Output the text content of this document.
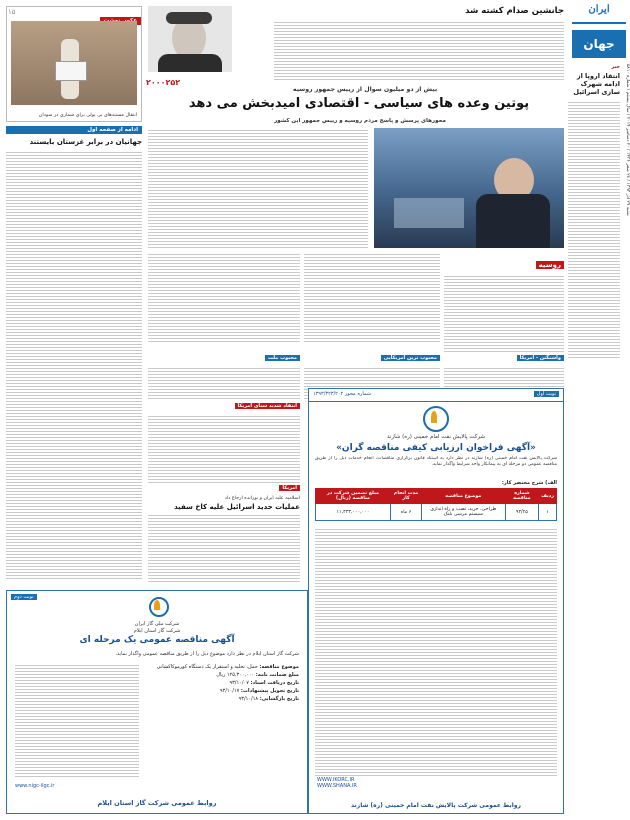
ایران
جهان
شنبه ۲۹ آذر ۱۳۹۳ / ۲۸ صفر ۱۴۳۶ / ۲۰ دسامبر ۲۰۱۴ / سال بیستم / شماره ۵۸۱۰
خبر
انتقاد اروپا از ادامه شهرک سازی اسرائیل
۱۵	جانشین صدام کشته شد
۲۰۰۰۲۵۲
بیش از دو میلیون سوال از رییس جمهور روسیه
پوتین وعده های سیاسی - اقتصادی امیدبخش می دهد
محورهای پرسش و پاسخ مردم روسیه و رییس جمهور این کشور
روسیه
واشنگتن - آمریکا
محبوب ترین آمریکایی
محبوب ملت
انتقاد شدید سنای آمریکا
آمریکا
اسلامیه علیه ایران و نوزانده ارجاع داد
عملیات جدید اسرائیل علیه کاخ سفید
انتقال مستندهای بی پولی برای شماری در سودان
ادامه از صفحه اول
جهانیان در برابر غزستان بایستند
شماره مجوز ۱۳۹۳/۳۲۳/۲۰۲	نوبت اول
شرکت پالایش نفت امام خمینی (ره) شازند
«آگهی فراخوان ارزیابی کیفی مناقصه گران»
شرکت پالایش نفت امام خمینی (ره) شازند در نظر دارد به استناد قانون برگزاری مناقصات، انجام خدمات ذیل را از طریق مناقصه عمومی دو مرحله ای به پیمانکار واجد شرایط واگذار نماید.
الف) شرح مختصر کار:
ردیف	شماره مناقصه	موضوع مناقصه	مدت انجام کار	مبلغ تضمین شرکت در مناقصه (ریال)
۱	۹۳/۲۵	طراحی، خرید، نصب و راه اندازی سیستم مرسی بلنک	۶ ماه	۱۱,۳۳۳,۰۰۰,۰۰۰
WWW.IKORC.IR
WWW.SHANA.IR
روابط عمومی شرکت پالایش نفت امام خمینی (ره) شازند
نوبت دوم
شرکت ملی گاز ایران
شرکت گاز استان ایلام
آگهی مناقصه عمومی یک مرحله ای
شرکت گاز استان ایلام در نظر دارد موضوع ذیل را از طریق مناقصه عمومی واگذار نماید.
موضوع مناقصه: حمل، تخلیه و استقرار یک دستگاه کورموکاکشانی
مبلغ ضمانت نامه: ۱۲۵,۳۰۰,۰۰۰ ریال
تاریخ دریافت اسناد: ۹۳/۱۰/۰۷
تاریخ تحویل پیشنهادات: ۹۳/۱۰/۱۷
تاریخ بازگشایی: ۹۳/۱۰/۱۸
www.nigc-ilgc.ir
روابط عمومی شرکت گاز استان ایلام
